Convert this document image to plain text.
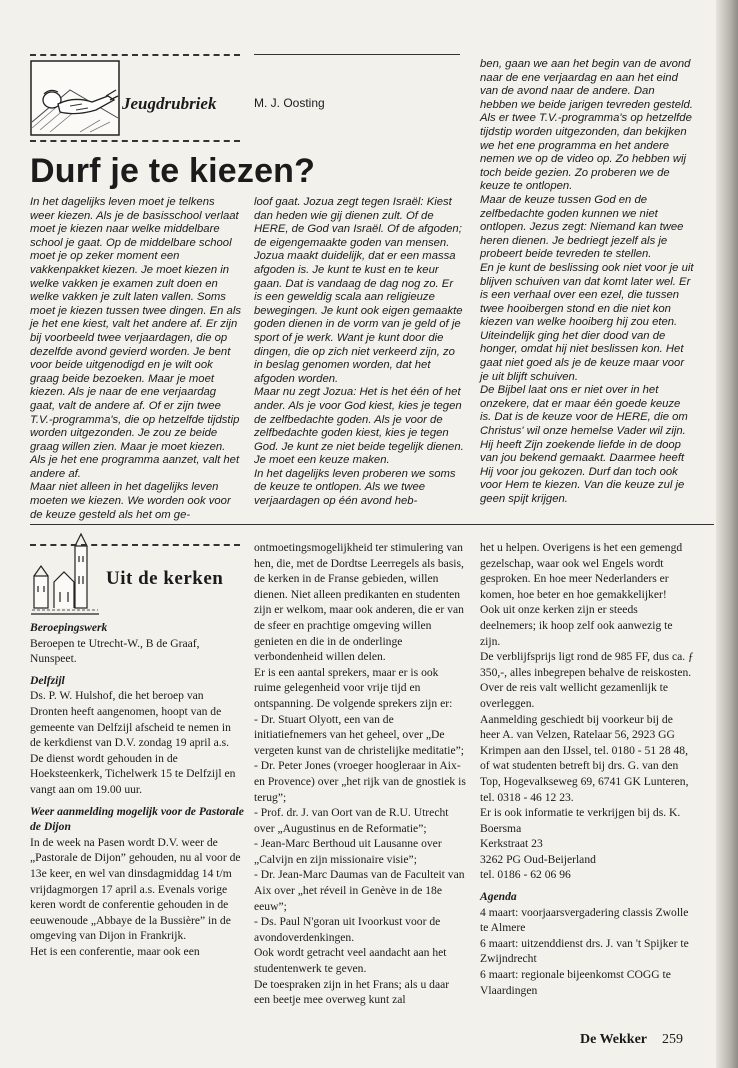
Jeugdrubriek	M. J. Oosting
Durf je te kiezen?

In het dagelijks leven moet je telkens weer kiezen. Als je de basisschool verlaat moet je kiezen naar welke middelbare school je gaat. Op de middelbare school moet je op zeker moment een vakkenpakket kiezen. Je moet kiezen in welke vakken je examen zult doen en welke vakken je zult laten vallen. Soms moet je kiezen tussen twee dingen. En als je het ene kiest, valt het andere af. Er zijn bij voorbeeld twee verjaardagen, die op dezelfde avond gevierd worden. Je bent voor beide uitgenodigd en je wilt ook graag beide bezoeken. Maar je moet kiezen. Als je naar de ene verjaardag gaat, valt de andere af. Of er zijn twee T.V.-programma's, die op hetzelfde tijdstip worden uitgezonden. Je zou ze beide graag willen zien. Maar je moet kiezen. Als je het ene programma aanzet, valt het andere af.

Maar niet alleen in het dagelijks leven moeten we kiezen. We worden ook voor de keuze gesteld als het om ge-

loof gaat. Jozua zegt tegen Israël: Kiest dan heden wie gij dienen zult. Of de HERE, de God van Israël. Of de afgoden; de eigengemaakte goden van mensen. Jozua maakt duidelijk, dat er een massa afgoden is. Je kunt te kust en te keur gaan. Dat is vandaag de dag nog zo. Er is een geweldig scala aan religieuze bewegingen. Je kunt ook eigen gemaakte goden dienen in de vorm van je geld of je sport of je werk. Want je kunt door die dingen, die op zich niet verkeerd zijn, zo in beslag genomen worden, dat het afgoden worden.

Maar nu zegt Jozua: Het is het één of het ander. Als je voor God kiest, kies je tegen de zelfbedachte goden. Als je voor de zelfbedachte goden kiest, kies je tegen God. Je kunt ze niet beide tegelijk dienen. Je moet een keuze maken.

In het dagelijks leven proberen we soms de keuze te ontlopen. Als we twee verjaardagen op één avond heb-

ben, gaan we aan het begin van de avond naar de ene verjaardag en aan het eind van de avond naar de andere. Dan hebben we beide jarigen tevreden gesteld. Als er twee T.V.-programma's op hetzelfde tijdstip worden uitgezonden, dan bekijken we het ene programma en het andere nemen we op de video op. Zo hebben wij toch beide gezien. Zo proberen we de keuze te ontlopen.

Maar de keuze tussen God en de zelfbedachte goden kunnen we niet ontlopen. Jezus zegt: Niemand kan twee heren dienen. Je bedriegt jezelf als je probeert beide tevreden te stellen.

En je kunt de beslissing ook niet voor je uit blijven schuiven van dat komt later wel. Er is een verhaal over een ezel, die tussen twee hooibergen stond en die niet kon kiezen van welke hooiberg hij zou eten. Uiteindelijk ging het dier dood van de honger, omdat hij niet beslissen kon. Het gaat niet goed als je de keuze maar voor je uit blijft schuiven.

De Bijbel laat ons er niet over in het onzekere, dat er maar één goede keuze is. Dat is de keuze voor de HERE, die om Christus' wil onze hemelse Vader wil zijn. Hij heeft Zijn zoekende liefde in de doop van jou bekend gemaakt. Daarmee heeft Hij voor jou gekozen. Durf dan toch ook voor Hem te kiezen. Van die keuze zul je geen spijt krijgen.

Uit de kerken

Beroepingswerk

Beroepen te Utrecht-W., B de Graaf, Nunspeet.

Delfzijl

Ds. P. W. Hulshof, die het beroep van Dronten heeft aangenomen, hoopt van de gemeente van Delfzijl afscheid te nemen in de kerkdienst van D.V. zondag 19 april a.s. De dienst wordt gehouden in de Hoeksteenkerk, Tichelwerk 15 te Delfzijl en vangt aan om 19.00 uur.

Weer aanmelding mogelijk voor de Pastorale de Dijon

In de week na Pasen wordt D.V. weer de „Pastorale de Dijon” gehouden, nu al voor de 13e keer, en wel van dinsdagmiddag 14 t/m vrijdagmorgen 17 april a.s. Evenals vorige keren wordt de conferentie gehouden in de eeuwenoude „Abbaye de la Bussière” in de omgeving van Dijon in Frankrijk.

Het is een conferentie, maar ook een

ontmoetingsmogelijkheid ter stimulering van hen, die, met de Dordtse Leerregels als basis, de kerken in de Franse gebieden, willen dienen. Niet alleen predikanten en studenten zijn er welkom, maar ook anderen, die er van de sfeer en prachtige omgeving willen genieten en die in de onderlinge verbondenheid willen delen.

Er is een aantal sprekers, maar er is ook ruime gelegenheid voor vrije tijd en ontspanning. De volgende sprekers zijn er:

- Dr. Stuart Olyott, een van de initiatiefnemers van het geheel, over „De vergeten kunst van de christelijke meditatie”;

- Dr. Peter Jones (vroeger hoogleraar in Aix-en Provence) over „het rijk van de gnostiek is terug”;

- Prof. dr. J. van Oort van de R.U. Utrecht over „Augustinus en de Reformatie”;

- Jean-Marc Berthoud uit Lausanne over „Calvijn en zijn missionaire visie”;

- Dr. Jean-Marc Daumas van de Faculteit van Aix over „het réveil in Genève in de 18e eeuw”;

- Ds. Paul N'goran uit Ivoorkust voor de avondoverdenkingen.

Ook wordt getracht veel aandacht aan het studentenwerk te geven.

De toespraken zijn in het Frans; als u daar een beetje mee overweg kunt zal

het u helpen. Overigens is het een gemengd gezelschap, waar ook wel Engels wordt gesproken. En hoe meer Nederlanders er komen, hoe beter en hoe gemakkelijker!

Ook uit onze kerken zijn er steeds deelnemers; ik hoop zelf ook aanwezig te zijn.

De verblijfsprijs ligt rond de 985 FF, dus ca. ƒ 350,-, alles inbegrepen behalve de reiskosten. Over de reis valt wellicht gezamenlijk te overleggen.

Aanmelding geschiedt bij voorkeur bij de heer A. van Velzen, Ratelaar 56, 2923 GG Krimpen aan den IJssel, tel. 0180 - 51 28 48, of wat studenten betreft bij drs. G. van den Top, Hogevalkseweg 69, 6741 GK Lunteren, tel. 0318 - 46 12 23.

Er is ook informatie te verkrijgen bij ds. K. Boersma

Kerkstraat 23

3262 PG Oud-Beijerland

tel. 0186 - 62 06 96

Agenda

4 maart: voorjaarsvergadering classis Zwolle te Almere

6 maart: uitzenddienst drs. J. van 't Spijker te Zwijndrecht

6 maart: regionale bijeenkomst COGG te Vlaardingen

De Wekker 259
